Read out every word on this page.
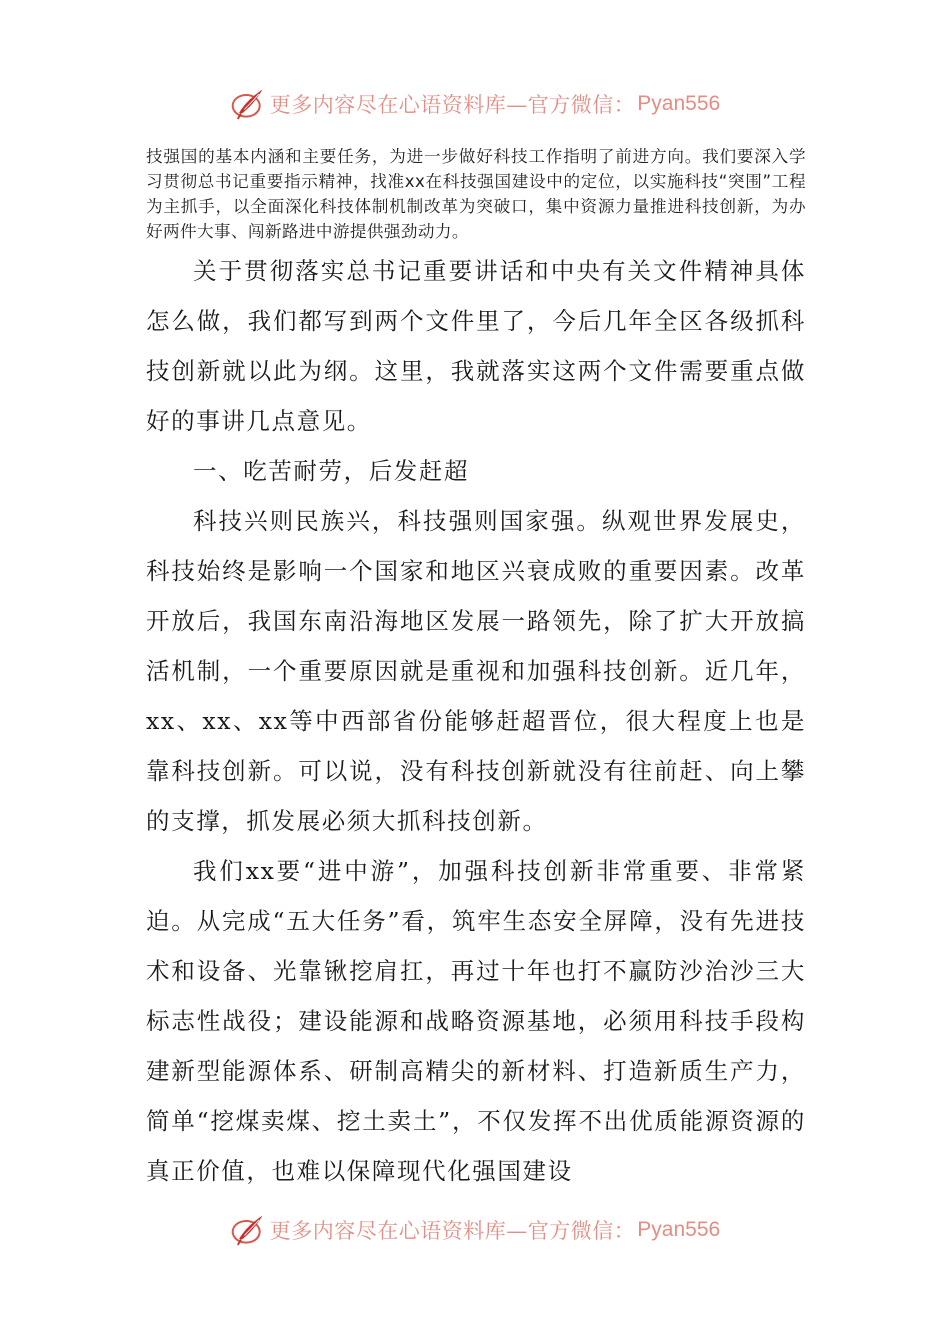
更多内容尽在心语资料库—官方微信： Pyan556

技强国的基本内涵和主要任务，为进一步做好科技工作指明了前进方向。我们要深入学习贯彻总书记重要指示精神，找准xx在科技强国建设中的定位，以实施科技“突围”工程为主抓手，以全面深化科技体制机制改革为突破口，集中资源力量推进科技创新，为办好两件大事、闯新路进中游提供强劲动力。

关于贯彻落实总书记重要讲话和中央有关文件精神具体怎么做，我们都写到两个文件里了，今后几年全区各级抓科技创新就以此为纲。这里，我就落实这两个文件需要重点做好的事讲几点意见。

一、吃苦耐劳，后发赶超

科技兴则民族兴，科技强则国家强。纵观世界发展史，科技始终是影响一个国家和地区兴衰成败的重要因素。改革开放后，我国东南沿海地区发展一路领先，除了扩大开放搞活机制，一个重要原因就是重视和加强科技创新。近几年，xx、xx、xx等中西部省份能够赶超晋位，很大程度上也是靠科技创新。可以说，没有科技创新就没有往前赶、向上攀的支撑，抓发展必须大抓科技创新。

我们xx要“进中游”，加强科技创新非常重要、非常紧迫。从完成“五大任务”看，筑牢生态安全屏障，没有先进技术和设备、光靠锹挖肩扛，再过十年也打不赢防沙治沙三大标志性战役；建设能源和战略资源基地，必须用科技手段构建新型能源体系、研制高精尖的新材料、打造新质生产力，简单“挖煤卖煤、挖土卖土”，不仅发挥不出优质能源资源的真正价值，也难以保障现代化强国建设

更多内容尽在心语资料库—官方微信： Pyan556
